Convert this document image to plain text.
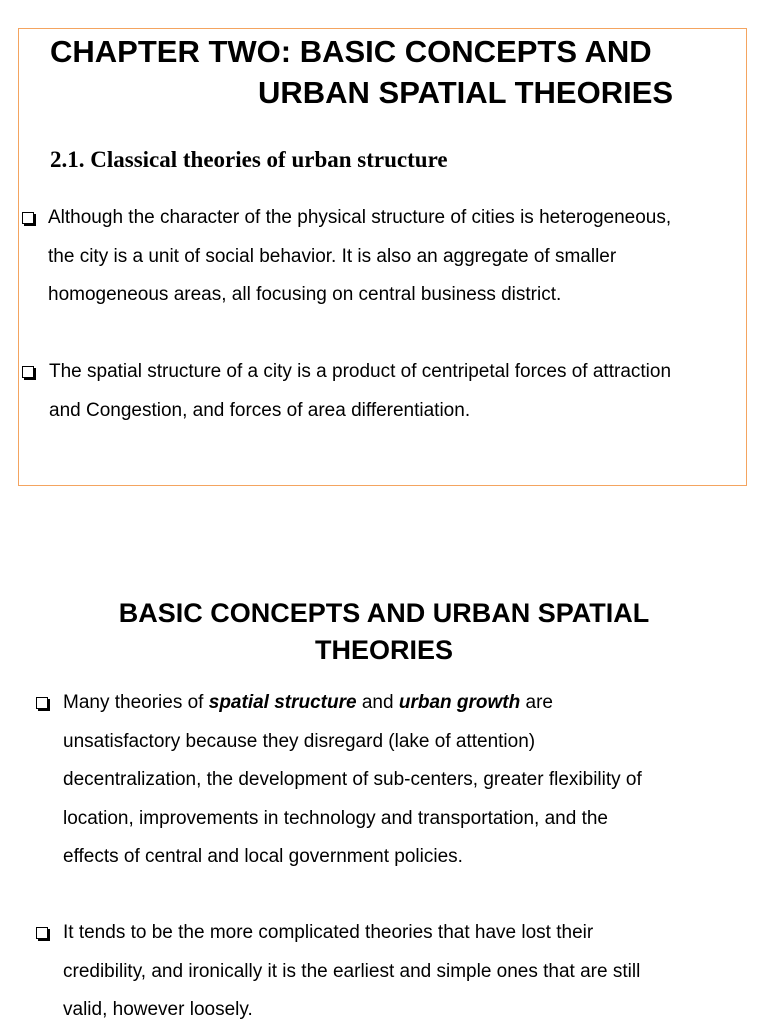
CHAPTER TWO: BASIC CONCEPTS AND
URBAN SPATIAL THEORIES
2.1. Classical theories of urban structure
Although the character of the physical structure of cities is heterogeneous,
the city is a unit of social behavior. It is also an aggregate of smaller
homogeneous areas, all focusing on central business district.
The spatial structure of a city is a product of centripetal forces of attraction
and Congestion, and forces of area differentiation.
BASIC CONCEPTS AND URBAN SPATIAL
THEORIES
Many theories of spatial structure and urban growth are
unsatisfactory because they disregard (lake of attention)
decentralization, the development of sub-centers, greater flexibility of
location, improvements in technology and transportation, and the
effects of central and local government policies.
It tends to be the more complicated theories that have lost their
credibility, and ironically it is the earliest and simple ones that are still
valid, however loosely.
